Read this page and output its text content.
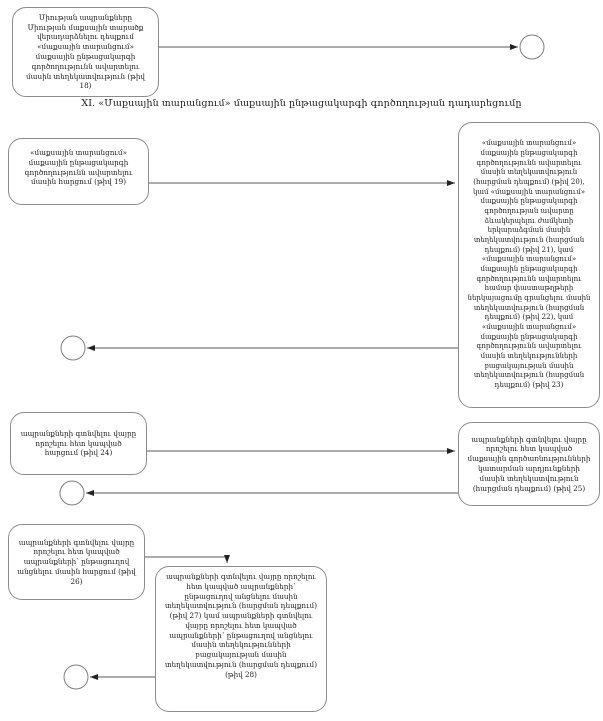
XI. «Մաքսային տարանցում» մաքսային ընթացակարգի գործողության դադարեցումը
Միության ապրանքները Միության մաքսային տարածք վերադարձնելու դեպքում «մաքսային տարանցում» մաքսային ընթացակարգի գործողությունն ավարտելու մասին տեղեկատվություն (թիվ 18)
«մաքսային տարանցում» մաքսային ընթացակարգի գործողությունն ավարտելու մասին հարցում (թիվ 19)
«մաքսային տարանցում» մաքսային ընթացակարգի գործողությունն ավարտելու մասին տեղեկատվություն (հարցման դեպքում) (թիվ 20), կամ «մաքսային տարանցում» մաքսային ընթացակարգի գործողության ավարտը ձևակերպելու ժամկետի երկարաձգման մասին տեղեկատվություն (հարցման դեպքում) (թիվ 21), կամ «մաքսային տարանցում» մաքսային ընթացակարգի գործողությունն ավարտելու համար փաստաթղթերի ներկայացումը գրանցելու մասին տեղեկատվություն (հարցման դեպքում) (թիվ 22), կամ «մաքսային տարանցում» մաքսային ընթացակարգի գործողությունն ավարտելու մասին տեղեկությունների բացակայության մասին տեղեկատվություն (հարցման դեպքում) (թիվ 23)
ապրանքների գտնվելու վայրը որոշելու հետ կապված հարցում (թիվ 24)
ապրանքների գտնվելու վայրը որոշելու հետ կապված մաքսային գործառնությունների կատարման արդյունքների մասին տեղեկատվություն (հարցման դեպքում) (թիվ 25)
ապրանքների գտնվելու վայրը որոշելու հետ կապված ապրանքների՝ ընթացուղով անցնելու մասին հարցում (թիվ 26)
ապրանքների գտնվելու վայրը որոշելու հետ կապված ապրանքների՝ ընթացուղով անցնելու մասին տեղեկատվություն (հարցման դեպքում) (թիվ 27) կամ ապրանքների գտնվելու վայրը որոշելու հետ կապված ապրանքների՝ ընթացուղով անցնելու մասին տեղեկությունների բացակայության մասին տեղեկատվություն (հարցման դեպքում) (թիվ 28)
